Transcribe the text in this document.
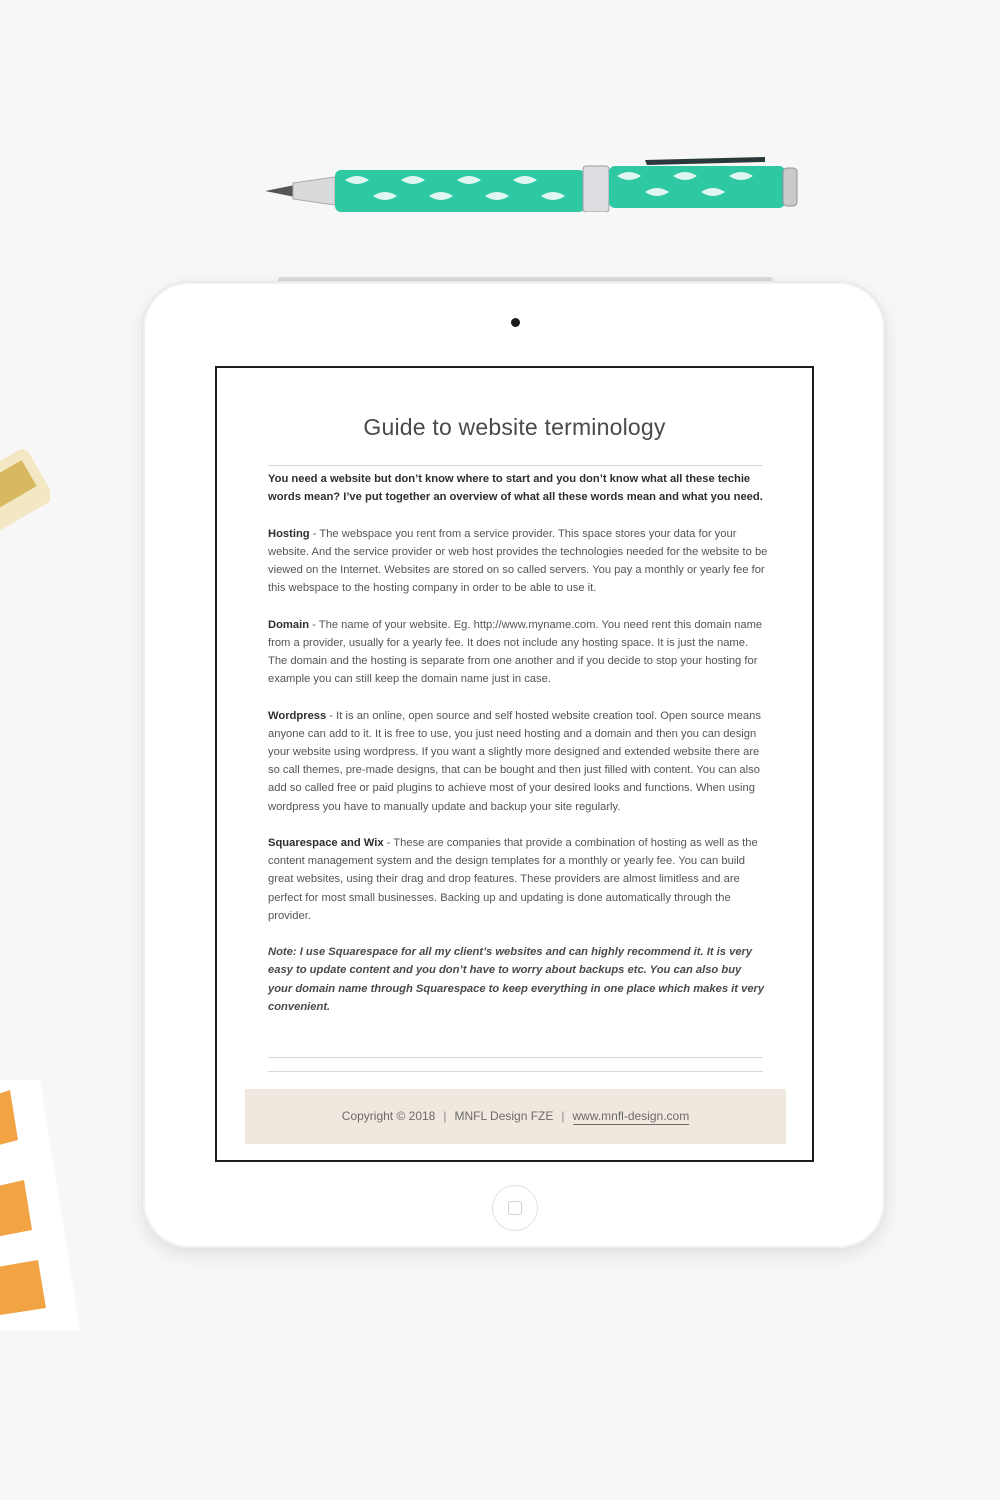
Guide to website terminology

You need a website but don’t know where to start and you don’t know what all these techie words mean? I’ve put together an overview of what all these words mean and what you need.

Hosting - The webspace you rent from a service provider. This space stores your data for your website. And the service provider or web host provides the technologies needed for the website to be viewed on the Internet. Websites are stored on so called servers. You pay a monthly or yearly fee for this webspace to the hosting company in order to be able to use it.

Domain - The name of your website. Eg. http://www.myname.com. You need rent this domain name from a provider, usually for a yearly fee. It does not include any hosting space. It is just the name. The domain and the hosting is separate from one another and if you decide to stop your hosting for example you can still keep the domain name just in case.

Wordpress - It is an online, open source and self hosted website creation tool. Open source means anyone can add to it. It is free to use, you just need hosting and a domain and then you can design your website using wordpress. If you want a slightly more designed and extended website there are so call themes, pre-made designs, that can be bought and then just filled with content. You can also add so called free or paid plugins to achieve most of your desired looks and functions. When using wordpress you have to manually update and backup your site regularly.

Squarespace and Wix - These are companies that provide a combination of hosting as well as the content management system and the design templates for a monthly or yearly fee. You can build great websites, using their drag and drop features. These providers are almost limitless and are perfect for most small businesses. Backing up and updating is done automatically through the provider.

Note: I use Squarespace for all my client’s websites and can highly recommend it. It is very easy to update content and you don’t have to worry about backups etc. You can also buy your domain name through Squarespace to keep everything in one place which makes it very convenient.

Copyright © 2018 | MNFL Design FZE | www.mnfl-design.com
